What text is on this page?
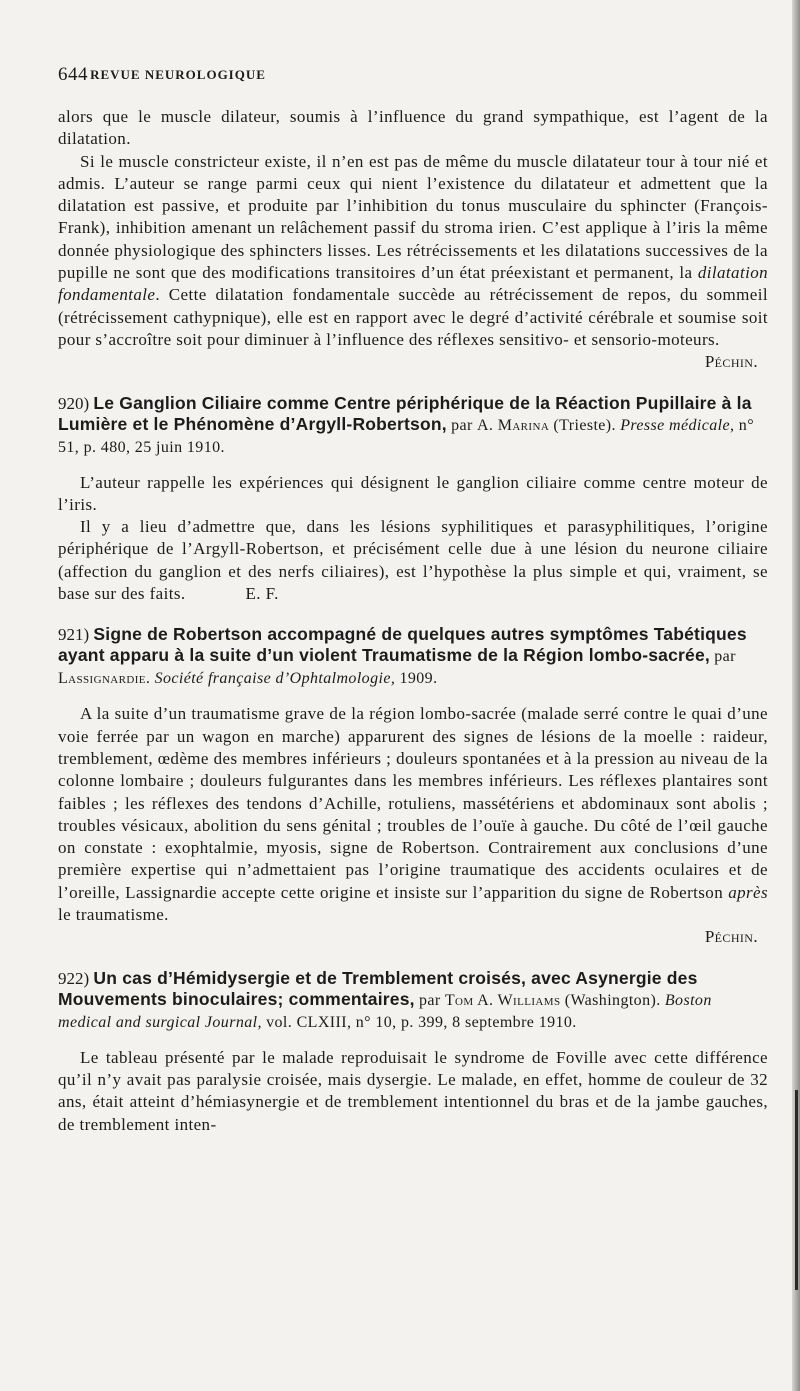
644 REVUE NEUROLOGIQUE

alors que le muscle dilateur, soumis à l’influence du grand sympathique, est l’agent de la dilatation.

Si le muscle constricteur existe, il n’en est pas de même du muscle dilatateur tour à tour nié et admis. L’auteur se range parmi ceux qui nient l’existence du dilatateur et admettent que la dilatation est passive, et produite par l’inhibition du tonus musculaire du sphincter (François-Frank), inhibition amenant un relâchement passif du stroma irien. C’est applique à l’iris la même donnée physiologique des sphincters lisses. Les rétrécissements et les dilatations successives de la pupille ne sont que des modifications transitoires d’un état préexistant et permanent, la dilatation fondamentale. Cette dilatation fondamentale succède au rétrécissement de repos, du sommeil (rétrécissement cathypnique), elle est en rapport avec le degré d’activité cérébrale et soumise soit pour s’accroître soit pour diminuer à l’influence des réflexes sensitivo- et sensorio-moteurs.

Péchin.

920) Le Ganglion Ciliaire comme Centre périphérique de la Réaction Pupillaire à la Lumière et le Phénomène d’Argyll-Robertson, par A. Marina (Trieste). Presse médicale, n° 51, p. 480, 25 juin 1910.

L’auteur rappelle les expériences qui désignent le ganglion ciliaire comme centre moteur de l’iris.

Il y a lieu d’admettre que, dans les lésions syphilitiques et parasyphilitiques, l’origine périphérique de l’Argyll-Robertson, et précisément celle due à une lésion du neurone ciliaire (affection du ganglion et des nerfs ciliaires), est l’hypothèse la plus simple et qui, vraiment, se base sur des faits.	E. F.

921) Signe de Robertson accompagné de quelques autres symptômes Tabétiques ayant apparu à la suite d’un violent Traumatisme de la Région lombo-sacrée, par Lassignardie. Société française d’Ophtalmologie, 1909.

A la suite d’un traumatisme grave de la région lombo-sacrée (malade serré contre le quai d’une voie ferrée par un wagon en marche) apparurent des signes de lésions de la moelle : raideur, tremblement, œdème des membres inférieurs ; douleurs spontanées et à la pression au niveau de la colonne lombaire ; douleurs fulgurantes dans les membres inférieurs. Les réflexes plantaires sont faibles ; les réflexes des tendons d’Achille, rotuliens, massétériens et abdominaux sont abolis ; troubles vésicaux, abolition du sens génital ; troubles de l’ouïe à gauche. Du côté de l’œil gauche on constate : exophtalmie, myosis, signe de Robertson. Contrairement aux conclusions d’une première expertise qui n’admettaient pas l’origine traumatique des accidents oculaires et de l’oreille, Lassignardie accepte cette origine et insiste sur l’apparition du signe de Robertson après le traumatisme.

Péchin.

922) Un cas d’Hémidysergie et de Tremblement croisés, avec Asynergie des Mouvements binoculaires; commentaires, par Tom A. Williams (Washington). Boston medical and surgical Journal, vol. CLXIII, n° 10, p. 399, 8 septembre 1910.

Le tableau présenté par le malade reproduisait le syndrome de Foville avec cette différence qu’il n’y avait pas paralysie croisée, mais dysergie. Le malade, en effet, homme de couleur de 32 ans, était atteint d’hémiasynergie et de tremblement intentionnel du bras et de la jambe gauches, de tremblement inten-
